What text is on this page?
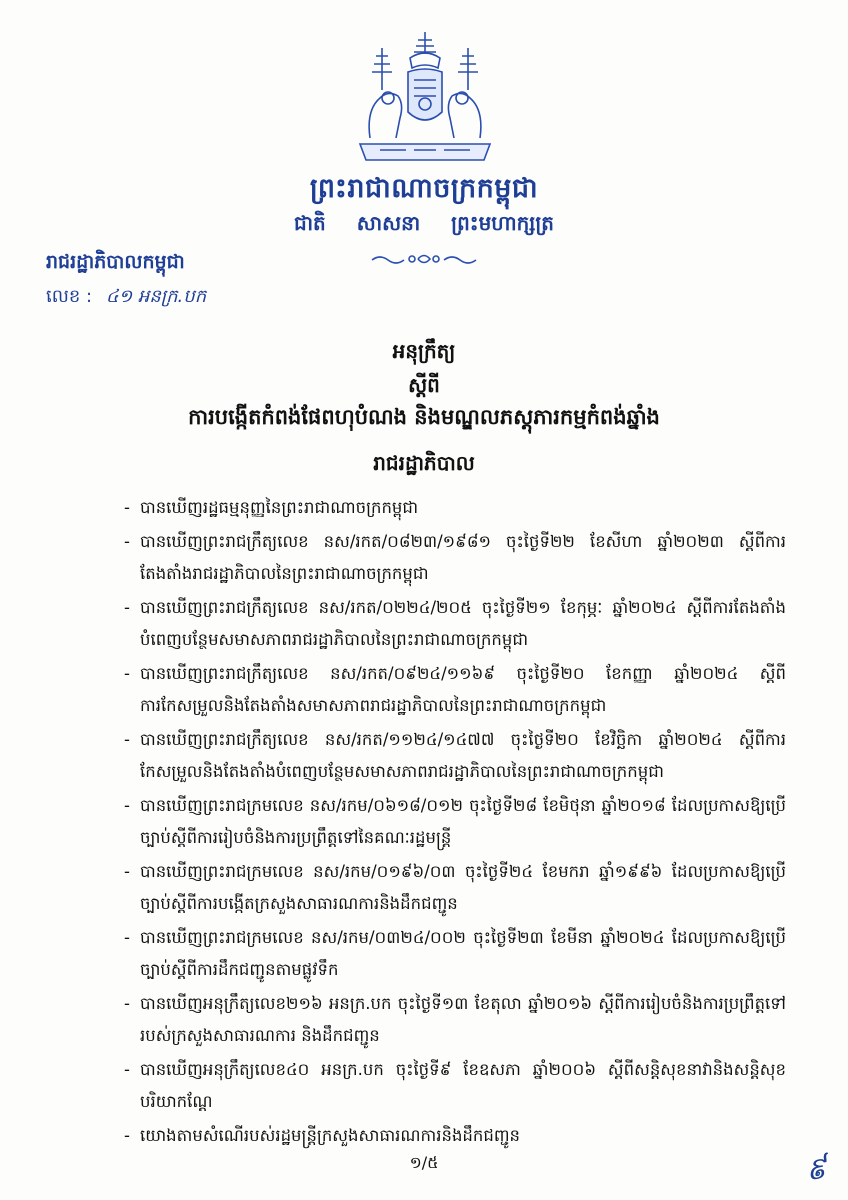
ព្រះរាជាណាចក្រកម្ពុជា
ជាតិ សាសនា ព្រះមហាក្សត្រ
រាជរដ្ឋាភិបាលកម្ពុជា
លេខ : ៤១ អនក្រ.បក
អនុក្រឹត្យ
ស្ដីពី
ការបង្កើតកំពង់ផែពហុបំណង និងមណ្ឌលភស្តុភារកម្មកំពង់ឆ្នាំង
រាជរដ្ឋាភិបាល
- បានឃើញរដ្ឋធម្មនុញ្ញនៃព្រះរាជាណាចក្រកម្ពុជា
- បានឃើញព្រះរាជក្រឹត្យលេខ នស/រកត/០៨២៣/១៩៨១ ចុះថ្ងៃទី២២ ខែសីហា ឆ្នាំ២០២៣ ស្ដីពីការតែងតាំងរាជរដ្ឋាភិបាលនៃព្រះរាជាណាចក្រកម្ពុជា
- បានឃើញព្រះរាជក្រឹត្យលេខ នស/រកត/០២២៤/២០៥ ចុះថ្ងៃទី២១ ខែកុម្ភៈ ឆ្នាំ២០២៤ ស្ដីពីការតែងតាំងបំពេញបន្ថែមសមាសភាពរាជរដ្ឋាភិបាលនៃព្រះរាជាណាចក្រកម្ពុជា
- បានឃើញព្រះរាជក្រឹត្យលេខ នស/រកត/០៩២៤/១១៦៩ ចុះថ្ងៃទី២០ ខែកញ្ញា ឆ្នាំ២០២៤ ស្ដីពីការកែសម្រួលនិងតែងតាំងសមាសភាពរាជរដ្ឋាភិបាលនៃព្រះរាជាណាចក្រកម្ពុជា
- បានឃើញព្រះរាជក្រឹត្យលេខ នស/រកត/១១២៤/១៤៧៧ ចុះថ្ងៃទី២០ ខែវិច្ឆិកា ឆ្នាំ២០២៤ ស្ដីពីការ កែសម្រួលនិងតែងតាំងបំពេញបន្ថែមសមាសភាពរាជរដ្ឋាភិបាលនៃព្រះរាជាណាចក្រកម្ពុជា
- បានឃើញព្រះរាជក្រមលេខ នស/រកម/០៦១៨/០១២ ចុះថ្ងៃទី២៨ ខែមិថុនា ឆ្នាំ២០១៨ ដែលប្រកាសឱ្យប្រើច្បាប់ស្ដីពីការរៀបចំនិងការប្រព្រឹត្តទៅនៃគណៈរដ្ឋមន្ត្រី
- បានឃើញព្រះរាជក្រមលេខ នស/រកម/០១៩៦/០៣ ចុះថ្ងៃទី២៤ ខែមករា ឆ្នាំ១៩៩៦ ដែលប្រកាសឱ្យប្រើច្បាប់ស្ដីពីការបង្កើតក្រសួងសាធារណការនិងដឹកជញ្ជូន
- បានឃើញព្រះរាជក្រមលេខ នស/រកម/០៣២៤/០០២ ចុះថ្ងៃទី២៣ ខែមីនា ឆ្នាំ២០២៤ ដែលប្រកាសឱ្យប្រើច្បាប់ស្ដីពីការដឹកជញ្ជូនតាមផ្លូវទឹក
- បានឃើញអនុក្រឹត្យលេខ២១៦ អនក្រ.បក ចុះថ្ងៃទី១៣ ខែតុលា ឆ្នាំ២០១៦ ស្ដីពីការរៀបចំនិងការប្រព្រឹត្តទៅរបស់ក្រសួងសាធារណការ និងដឹកជញ្ជូន
- បានឃើញអនុក្រឹត្យលេខ៤០ អនក្រ.បក ចុះថ្ងៃទី៩ ខែឧសភា ឆ្នាំ២០០៦ ស្ដីពីសន្តិសុខនាវានិងសន្តិសុខបរិយាកណ្ដែ
- យោងតាមសំណើរបស់រដ្ឋមន្ត្រីក្រសួងសាធារណការនិងដឹកជញ្ជូន
១/៥	៩
